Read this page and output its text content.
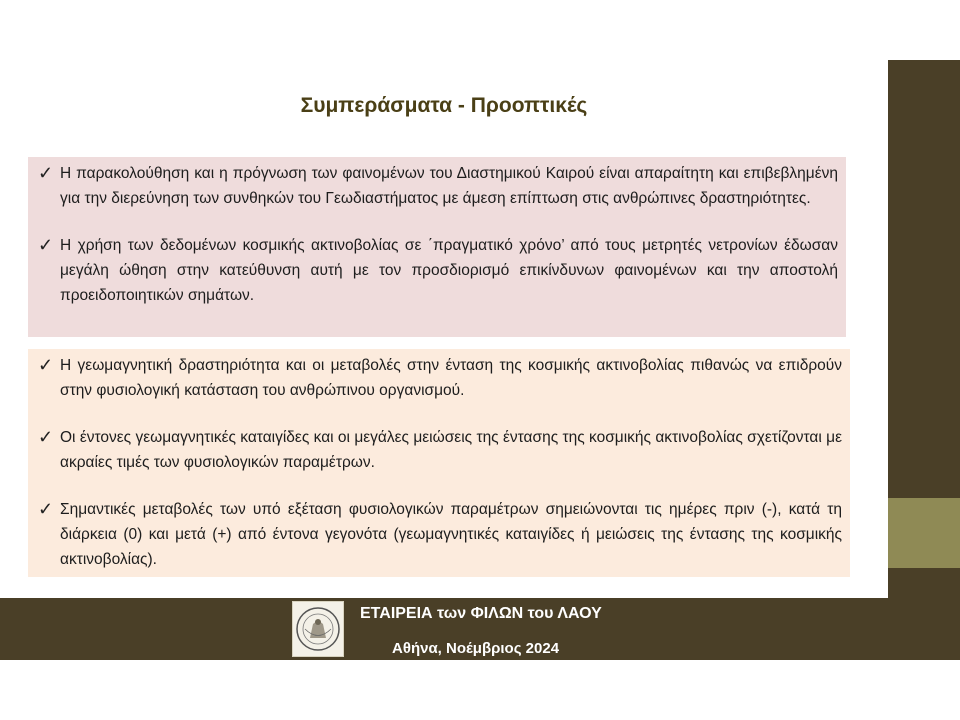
Συμπεράσματα - Προοπτικές
✓ Η παρακολούθηση και η πρόγνωση των φαινομένων του Διαστημικού Καιρού είναι απαραίτητη και επιβεβλημένη για την διερεύνηση των συνθηκών του Γεωδιαστήματος με άμεση επίπτωση στις ανθρώπινες δραστηριότητες.
✓ Η χρήση των δεδομένων κοσμικής ακτινοβολίας σε ΄πραγματικό χρόνο’ από τους μετρητές νετρονίων έδωσαν μεγάλη ώθηση στην κατεύθυνση αυτή με τον προσδιορισμό επικίνδυνων φαινομένων και την αποστολή προειδοποιητικών σημάτων.
✓ Η γεωμαγνητική δραστηριότητα και οι μεταβολές στην ένταση της κοσμικής ακτινοβολίας πιθανώς να επιδρούν στην φυσιολογική κατάσταση του ανθρώπινου οργανισμού.
✓ Οι έντονες γεωμαγνητικές καταιγίδες και οι μεγάλες μειώσεις της έντασης της κοσμικής ακτινοβολίας σχετίζονται με ακραίες τιμές των φυσιολογικών παραμέτρων.
✓ Σημαντικές μεταβολές των υπό εξέταση φυσιολογικών παραμέτρων σημειώνονται τις ημέρες πριν (-), κατά τη διάρκεια (0) και μετά (+) από έντονα γεγονότα (γεωμαγνητικές καταιγίδες ή μειώσεις της έντασης της κοσμικής ακτινοβολίας).

ΕΤΑΙΡΕΙΑ των ΦΙΛΩΝ του ΛΑΟΥ

Αθήνα, Νοέμβριος 2024
